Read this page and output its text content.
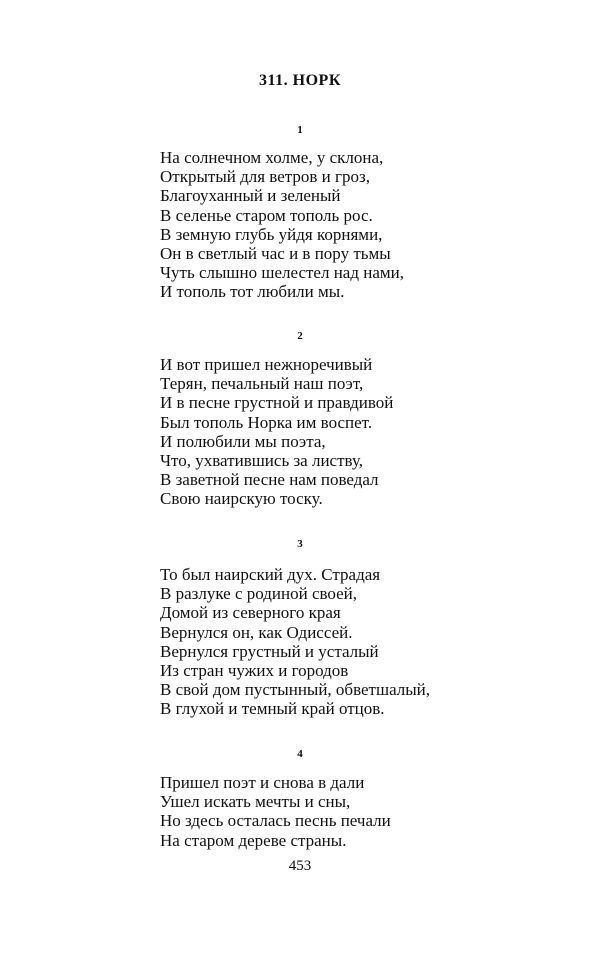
311. НОРК
1
На солнечном холме, у склона,
Открытый для ветров и гроз,
Благоуханный и зеленый
В селенье старом тополь рос.
В земную глубь уйдя корнями,
Он в светлый час и в пору тьмы
Чуть слышно шелестел над нами,
И тополь тот любили мы.
2
И вот пришел нежноречивый
Терян, печальный наш поэт,
И в песне грустной и правдивой
Был тополь Норка им воспет.
И полюбили мы поэта,
Что, ухватившись за листву,
В заветной песне нам поведал
Свою наирскую тоску.
3
То был наирский дух. Страдая
В разлуке с родиной своей,
Домой из северного края
Вернулся он, как Одиссей.
Вернулся грустный и усталый
Из стран чужих и городов
В свой дом пустынный, обветшалый,
В глухой и темный край отцов.
4
Пришел поэт и снова в дали
Ушел искать мечты и сны,
Но здесь осталась песнь печали
На старом дереве страны.
453
